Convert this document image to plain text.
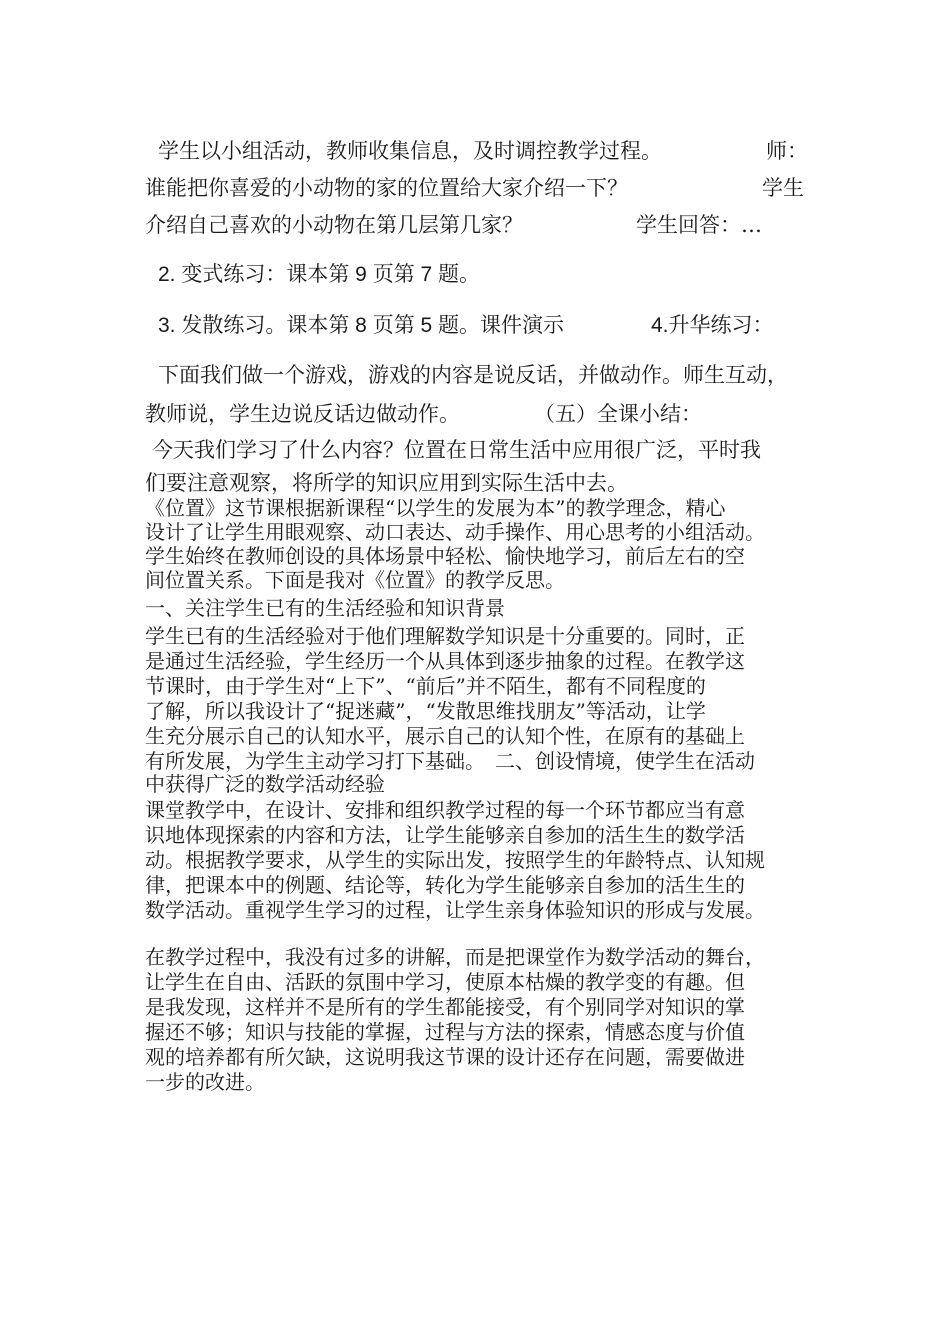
学生以小组活动，教师收集信息，及时调控教学过程。	师：

谁能把你喜爱的小动物的家的位置给大家介绍一下？	学生

介绍自己喜欢的小动物在第几层第几家？	学生回答：…

2. 变式练习：课本第 9 页第 7 题。

3. 发散练习。课本第 8 页第 5 题。课件演示	4.升华练习：

下面我们做一个游戏，游戏的内容是说反话，并做动作。师生互动，

教师说，学生边说反话边做动作。	（五）全课小结：

今天我们学习了什么内容？位置在日常生活中应用很广泛，平时我

们要注意观察，将所学的知识应用到实际生活中去。

《位置》这节课根据新课程“以学生的发展为本”的教学理念，精心

设计了让学生用眼观察、动口表达、动手操作、用心思考的小组活动。

学生始终在教师创设的具体场景中轻松、愉快地学习，前后左右的空

间位置关系。下面是我对《位置》的教学反思。

一、关注学生已有的生活经验和知识背景

学生已有的生活经验对于他们理解数学知识是十分重要的。同时，正

是通过生活经验，学生经历一个从具体到逐步抽象的过程。在教学这

节课时，由于学生对“上下”、“前后”并不陌生，都有不同程度的

了解，所以我设计了“捉迷藏”，“发散思维找朋友”等活动，让学

生充分展示自己的认知水平，展示自己的认知个性，在原有的基础上

有所发展，为学生主动学习打下基础。　二、创设情境，使学生在活动

中获得广泛的数学活动经验

课堂教学中，在设计、安排和组织教学过程的每一个环节都应当有意

识地体现探索的内容和方法，让学生能够亲自参加的活生生的数学活

动。根据教学要求，从学生的实际出发，按照学生的年龄特点、认知规

律，把课本中的例题、结论等，转化为学生能够亲自参加的活生生的

数学活动。重视学生学习的过程，让学生亲身体验知识的形成与发展。

在教学过程中，我没有过多的讲解，而是把课堂作为数学活动的舞台，

让学生在自由、活跃的氛围中学习，使原本枯燥的教学变的有趣。但

是我发现，这样并不是所有的学生都能接受，有个别同学对知识的掌

握还不够；知识与技能的掌握，过程与方法的探索，情感态度与价值

观的培养都有所欠缺，这说明我这节课的设计还存在问题，需要做进

一步的改进。
